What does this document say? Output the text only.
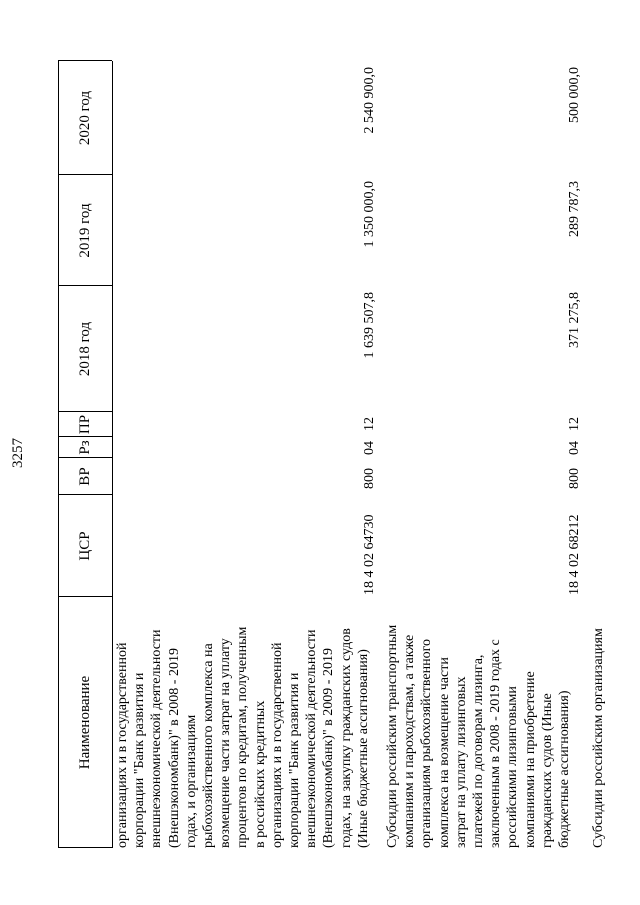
3257
Наименование
ЦСР
ВР
Рз
ПР
2018 год
2019 год
2020 год
организациях и в государственной корпорации "Банк развития и внешнеэкономической деятельности (Внешэкономбанк)" в 2008 - 2019 годах, и организациям рыбохозяйственного комплекса на возмещение части затрат на уплату процентов по кредитам, полученным в российских кредитных организациях и в государственной корпорации "Банк развития и внешнеэкономической деятельности (Внешэкономбанк)" в 2009 - 2019 годах, на закупку гражданских судов (Иные бюджетные ассигнования)
18 4 02 64730
800
04
12
1 639 507,8
1 350 000,0
2 540 900,0
Субсидии российским транспортным компаниям и пароходствам, а также организациям рыбохозяйственного комплекса на возмещение части затрат на уплату лизинговых платежей по договорам лизинга, заключенным в 2008 - 2019 годах с российскими лизинговыми компаниями на приобретение гражданских судов (Иные бюджетные ассигнования)
18 4 02 68212
800
04
12
371 275,8
289 787,3
500 000,0
Субсидии российским организациям
